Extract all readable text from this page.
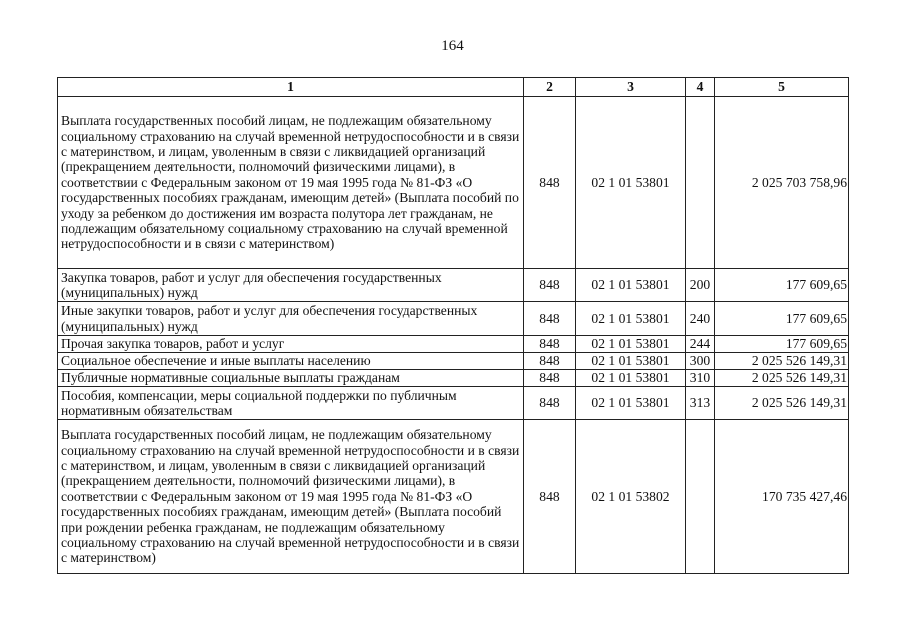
164
1	2	3	4	5
Выплата государственных пособий лицам, не подлежащим обязательному социальному страхованию на случай временной нетрудоспособности и в связи с материнством, и лицам, уволенным в связи с ликвидацией организаций (прекращением деятельности, полномочий физическими лицами), в соответствии с Федеральным законом от 19 мая 1995 года № 81-ФЗ «О государственных пособиях гражданам, имеющим детей» (Выплата пособий по уходу за ребенком до достижения им возраста полутора лет гражданам, не подлежащим обязательному социальному страхованию на случай временной нетрудоспособности и в связи с материнством)	848	02 1 01 53801		2 025 703 758,96
Закупка товаров, работ и услуг для обеспечения государственных (муниципальных) нужд	848	02 1 01 53801	200	177 609,65
Иные закупки товаров, работ и услуг для обеспечения государственных (муниципальных) нужд	848	02 1 01 53801	240	177 609,65
Прочая закупка товаров, работ и услуг	848	02 1 01 53801	244	177 609,65
Социальное обеспечение и иные выплаты населению	848	02 1 01 53801	300	2 025 526 149,31
Публичные нормативные социальные выплаты гражданам	848	02 1 01 53801	310	2 025 526 149,31
Пособия, компенсации, меры социальной поддержки по публичным нормативным обязательствам	848	02 1 01 53801	313	2 025 526 149,31
Выплата государственных пособий лицам, не подлежащим обязательному социальному страхованию на случай временной нетрудоспособности и в связи с материнством, и лицам, уволенным в связи с ликвидацией организаций (прекращением деятельности, полномочий физическими лицами), в соответствии с Федеральным законом от 19 мая 1995 года № 81-ФЗ «О государственных пособиях гражданам, имеющим детей» (Выплата пособий при рождении ребенка гражданам, не подлежащим обязательному социальному страхованию на случай временной нетрудоспособности и в связи с материнством)	848	02 1 01 53802		170 735 427,46
